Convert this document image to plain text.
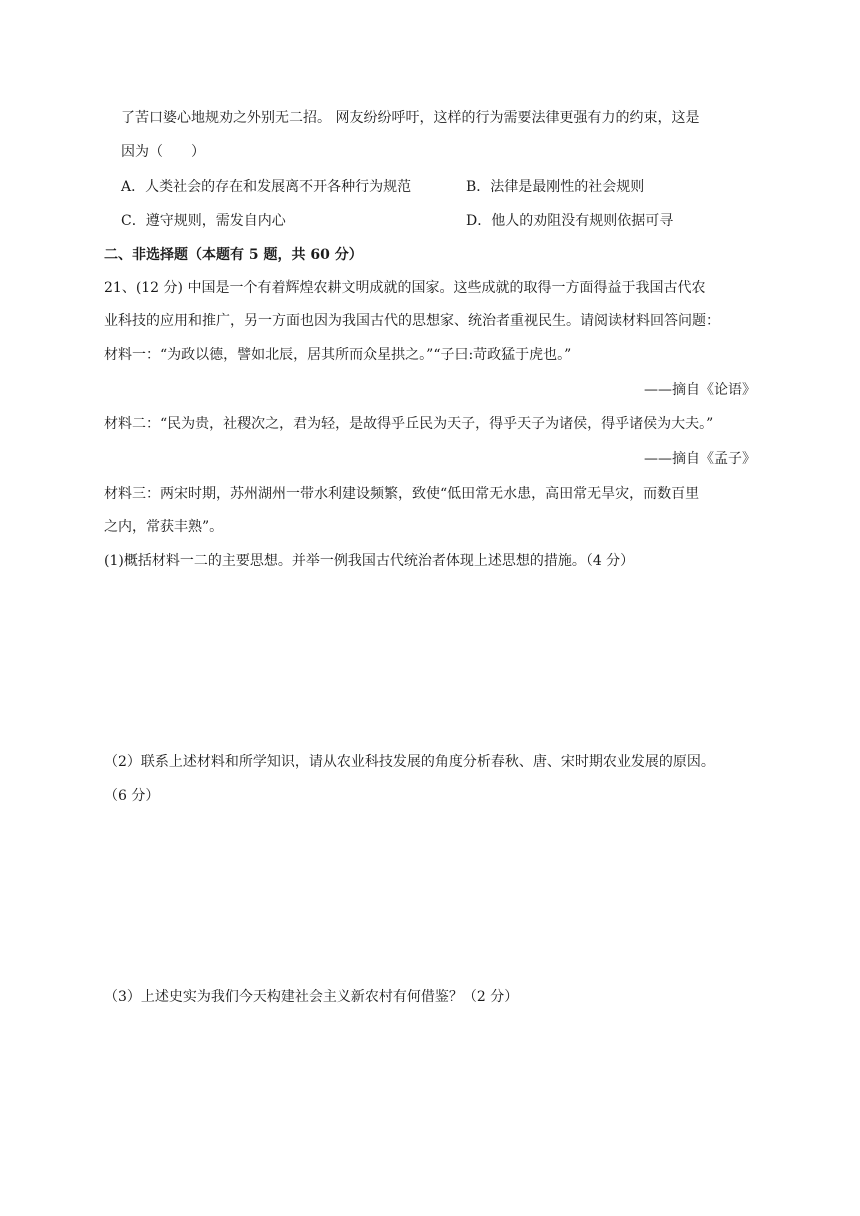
了苦口婆心地规劝之外别无二招。 网友纷纷呼吁，这样的行为需要法律更强有力的约束，这是
因为（　　）
A．人类社会的存在和发展离不开各种行为规范	B．法律是最刚性的社会规则
C．遵守规则，需发自内心	D．他人的劝阻没有规则依据可寻
二、非选择题（本题有 5 题，共 60 分）
21、(12 分) 中国是一个有着辉煌农耕文明成就的国家。这些成就的取得一方面得益于我国古代农
业科技的应用和推广，另一方面也因为我国古代的思想家、统治者重视民生。请阅读材料回答问题：
材料一：“为政以德，譬如北辰，居其所而众星拱之。”“子曰:苛政猛于虎也。”
——摘自《论语》
材料二：“民为贵，社稷次之，君为轻，是故得乎丘民为天子，得乎天子为诸侯，得乎诸侯为大夫。”
——摘自《孟子》
材料三：两宋时期，苏州湖州一带水利建设频繁，致使“低田常无水患，高田常无旱灾，而数百里
之内，常获丰熟”。
(1)概括材料一二的主要思想。并举一例我国古代统治者体现上述思想的措施。（4 分）
（2）联系上述材料和所学知识，请从农业科技发展的角度分析春秋、唐、宋时期农业发展的原因。
（6 分）
（3）上述史实为我们今天构建社会主义新农村有何借鉴？（2 分）
